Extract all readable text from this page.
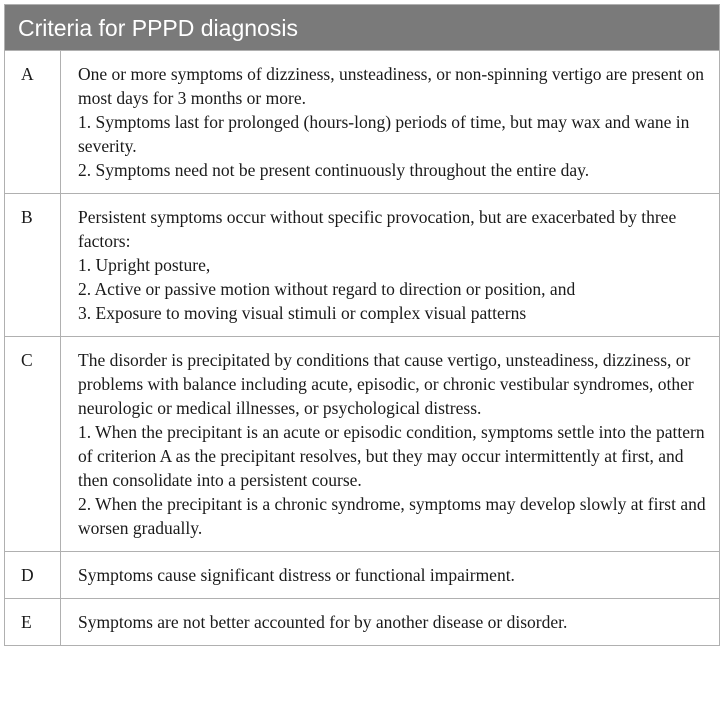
Criteria for PPPD diagnosis
A	One or more symptoms of dizziness, unsteadiness, or non-spinning vertigo are present on most days for 3 months or more.

1. Symptoms last for prolonged (hours-long) periods of time, but may wax and wane in severity.

2. Symptoms need not be present continuously throughout the entire day.

B	Persistent symptoms occur without specific provocation, but are exacerbated by three factors:

1. Upright posture,

2. Active or passive motion without regard to direction or position, and

3. Exposure to moving visual stimuli or complex visual patterns

C	The disorder is precipitated by conditions that cause vertigo, unsteadiness, dizziness, or problems with balance including acute, episodic, or chronic vestibular syndromes, other neurologic or medical illnesses, or psychological distress.

1. When the precipitant is an acute or episodic condition, symptoms settle into the pattern of criterion A as the precipitant resolves, but they may occur intermittently at first, and then consolidate into a persistent course.

2. When the precipitant is a chronic syndrome, symptoms may develop slowly at first and worsen gradually.

D	Symptoms cause significant distress or functional impairment.

E	Symptoms are not better accounted for by another disease or disorder.
